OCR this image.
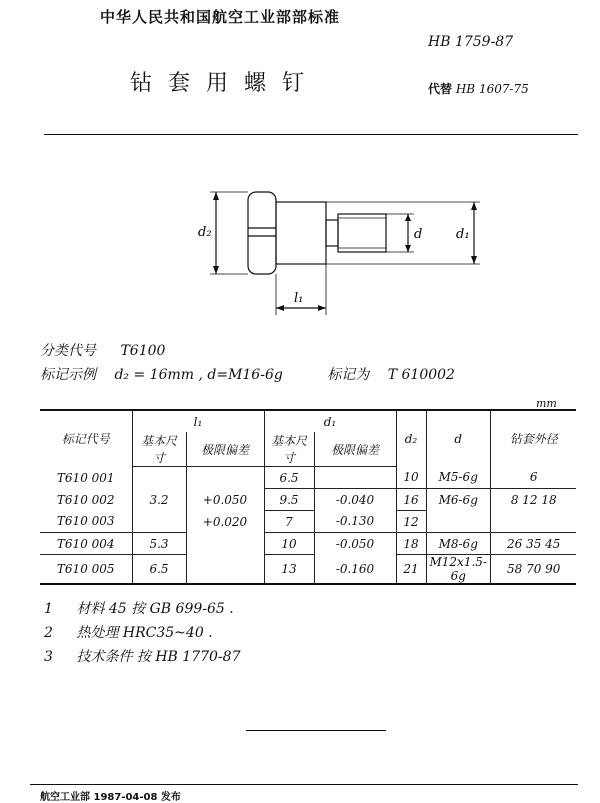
中华人民共和国航空工业部部标准
HB 1759-87
钻套用螺钉	代替 HB 1607-75
d₂	d	d₁
l₁
分类代号 T6100
标记示例 d₂ = 16mm , d=M16-6g	标记为 T 610002
mm
标记代号	l₁		d₁		d₂	d	钻套外径
	基本尺寸	极限偏差	基本尺寸	极限偏差			
T610 001			6.5		10	M5-6g	6
T610 002	3.2	+0.050	9.5	-0.040	16	M6-6g	8 12 18
T610 003		+0.020	7	-0.130	12		
T610 004	5.3		10	-0.050	18	M8-6g	26 35 45
T610 005	6.5		13	-0.160	21	M12x1.5-6g	58 70 90
1 材料 45 按 GB 699-65 .
2 热处理 HRC35~40 .
3 技术条件 按 HB 1770-87
航空工业部 1987-04-08 发布
